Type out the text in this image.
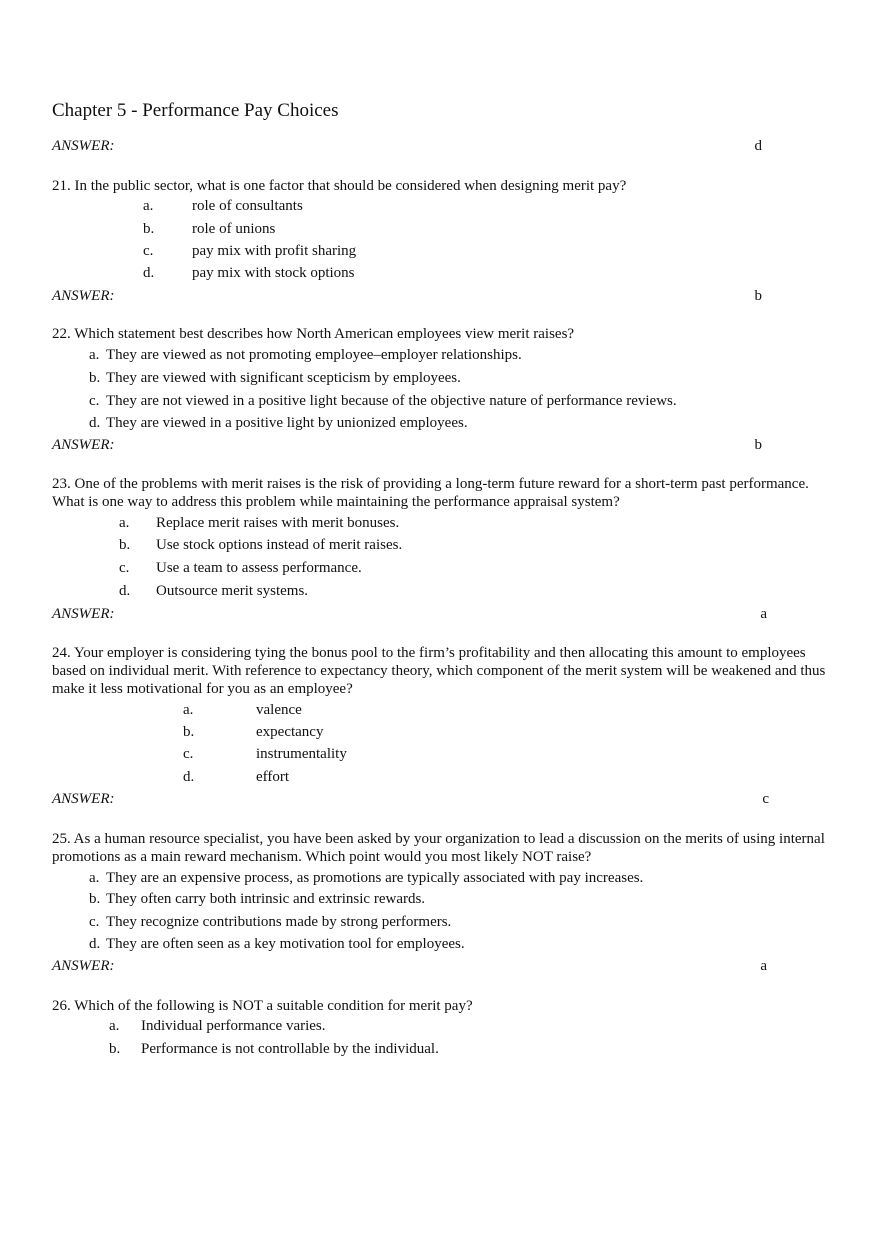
Chapter 5 - Performance Pay Choices
ANSWER:	d
21. In the public sector, what is one factor that should be considered when designing merit pay?
a.	role of consultants
b.	role of unions
c.	pay mix with profit sharing
d.	pay mix with stock options
ANSWER:	b
22. Which statement best describes how North American employees view merit raises?
a. They are viewed as not promoting employee–employer relationships.
b. They are viewed with significant scepticism by employees.
c. They are not viewed in a positive light because of the objective nature of performance reviews.
d. They are viewed in a positive light by unionized employees.
ANSWER:	b
23. One of the problems with merit raises is the risk of providing a long-term future reward for a short-term past performance. What is one way to address this problem while maintaining the performance appraisal system?
a. Replace merit raises with merit bonuses.
b. Use stock options instead of merit raises.
c. Use a team to assess performance.
d. Outsource merit systems.
ANSWER:	a
24. Your employer is considering tying the bonus pool to the firm’s profitability and then allocating this amount to employees based on individual merit. With reference to expectancy theory, which component of the merit system will be weakened and thus make it less motivational for you as an employee?
a.	valence
b.	expectancy
c.	instrumentality
d.	effort
ANSWER:	c
25. As a human resource specialist, you have been asked by your organization to lead a discussion on the merits of using internal promotions as a main reward mechanism. Which point would you most likely NOT raise?
a. They are an expensive process, as promotions are typically associated with pay increases.
b. They often carry both intrinsic and extrinsic rewards.
c. They recognize contributions made by strong performers.
d. They are often seen as a key motivation tool for employees.
ANSWER:	a
26. Which of the following is NOT a suitable condition for merit pay?
a. Individual performance varies.
b. Performance is not controllable by the individual.
